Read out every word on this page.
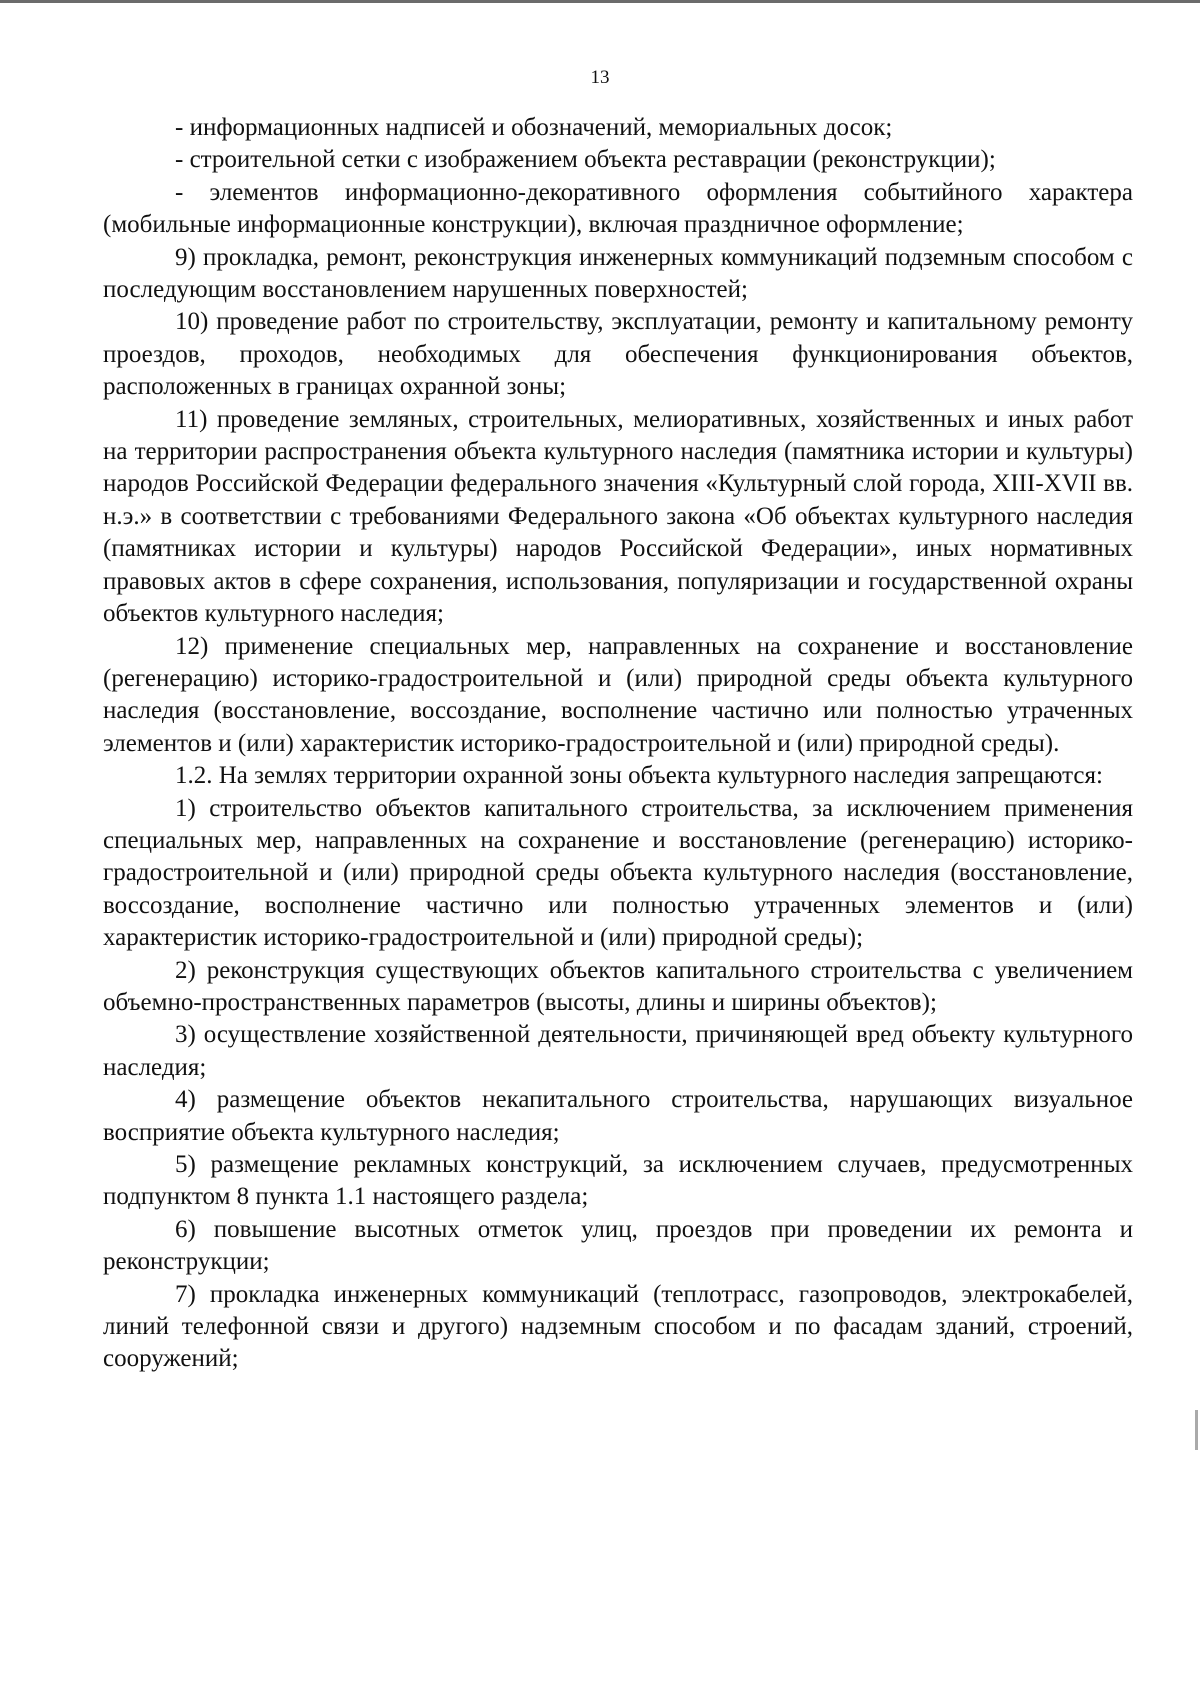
13

- информационных надписей и обозначений, мемориальных досок;

- строительной сетки с изображением объекта реставрации (реконструкции);

- элементов информационно-декоративного оформления событийного характера (мобильные информационные конструкции), включая праздничное оформление;

9) прокладка, ремонт, реконструкция инженерных коммуникаций подземным способом с последующим восстановлением нарушенных поверхностей;

10) проведение работ по строительству, эксплуатации, ремонту и капитальному ремонту проездов, проходов, необходимых для обеспечения функционирования объектов, расположенных в границах охранной зоны;

11) проведение земляных, строительных, мелиоративных, хозяйственных и иных работ на территории распространения объекта культурного наследия (памятника истории и культуры) народов Российской Федерации федерального значения «Культурный слой города, XIII-XVII вв. н.э.» в соответствии с требованиями Федерального закона «Об объектах культурного наследия (памятниках истории и культуры) народов Российской Федерации», иных нормативных правовых актов в сфере сохранения, использования, популяризации и государственной охраны объектов культурного наследия;

12) применение специальных мер, направленных на сохранение и восстановление (регенерацию) историко-градостроительной и (или) природной среды объекта культурного наследия (восстановление, воссоздание, восполнение частично или полностью утраченных элементов и (или) характеристик историко-градостроительной и (или) природной среды).

1.2. На землях территории охранной зоны объекта культурного наследия запрещаются:

1) строительство объектов капитального строительства, за исключением применения специальных мер, направленных на сохранение и восстановление (регенерацию) историко-градостроительной и (или) природной среды объекта культурного наследия (восстановление, воссоздание, восполнение частично или полностью утраченных элементов и (или) характеристик историко-градостроительной и (или) природной среды);

2) реконструкция существующих объектов капитального строительства с увеличением объемно-пространственных параметров (высоты, длины и ширины объектов);

3) осуществление хозяйственной деятельности, причиняющей вред объекту культурного наследия;

4) размещение объектов некапитального строительства, нарушающих визуальное восприятие объекта культурного наследия;

5) размещение рекламных конструкций, за исключением случаев, предусмотренных подпунктом 8 пункта 1.1 настоящего раздела;

6) повышение высотных отметок улиц, проездов при проведении их ремонта и реконструкции;

7) прокладка инженерных коммуникаций (теплотрасс, газопроводов, электрокабелей, линий телефонной связи и другого) надземным способом и по фасадам зданий, строений, сооружений;
